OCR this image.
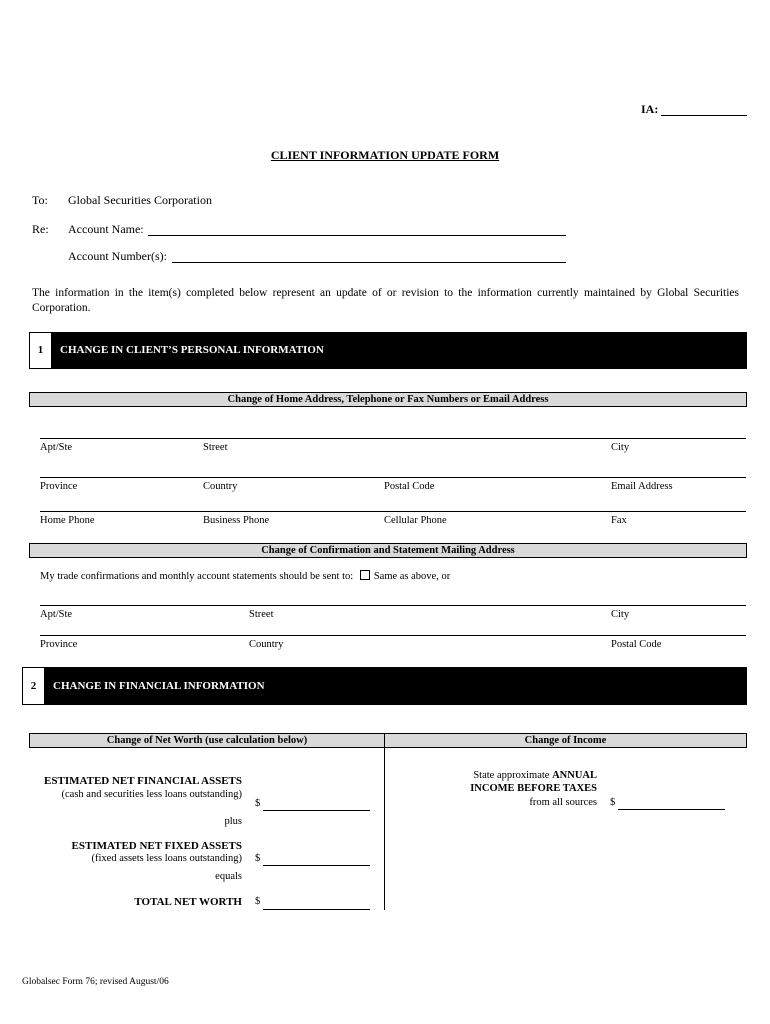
IA:
CLIENT INFORMATION UPDATE FORM
To: Global Securities Corporation
Re: Account Name:
Account Number(s):
The information in the item(s) completed below represent an update of or revision to the information currently maintained by Global Securities Corporation.
1	CHANGE IN CLIENT’S PERSONAL INFORMATION
Change of Home Address, Telephone or Fax Numbers or Email Address
Apt/Ste	Street	City
Province	Country	Postal Code	Email Address
Home Phone	Business Phone	Cellular Phone	Fax
Change of Confirmation and Statement Mailing Address
My trade confirmations and monthly account statements should be sent to: Same as above, or
Apt/Ste	Street	City
Province	Country	Postal Code
2	CHANGE IN FINANCIAL INFORMATION
Change of Net Worth (use calculation below)	Change of Income
ESTIMATED NET FINANCIAL ASSETS
(cash and securities less loans outstanding)
$
plus
ESTIMATED NET FIXED ASSETS
(fixed assets less loans outstanding) $
equals
TOTAL NET WORTH $
State approximate ANNUAL
INCOME BEFORE TAXES
from all sources $
Globalsec Form 76; revised August/06
